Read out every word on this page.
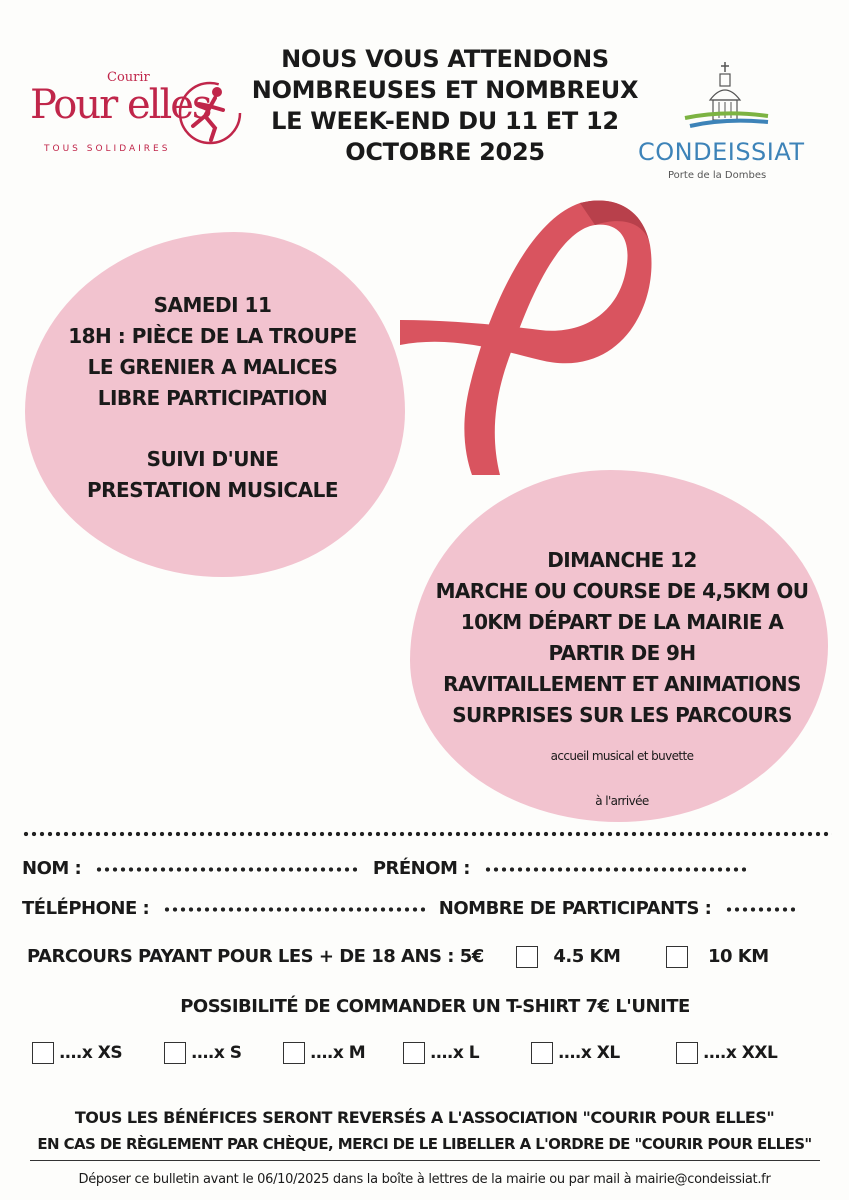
Courir
Pour elles
TOUS SOLIDAIRES
NOUS VOUS ATTENDONS
NOMBREUSES ET NOMBREUX
LE WEEK-END DU 11 ET 12
OCTOBRE 2025	CONDEISSIAT
Porte de la Dombes
SAMEDI 11
18H : PIÈCE DE LA TROUPE
LE GRENIER A MALICES
LIBRE PARTICIPATION
SUIVI D'UNE
PRESTATION MUSICALE
DIMANCHE 12
MARCHE OU COURSE DE 4,5KM OU
10KM DÉPART DE LA MAIRIE A
PARTIR DE 9H
RAVITAILLEMENT ET ANIMATIONS
SURPRISES SUR LES PARCOURS
accueil musical et buvette
à l'arrivée
NOM :	PRÉNOM :
TÉLÉPHONE :	NOMBRE DE PARTICIPANTS :
PARCOURS PAYANT POUR LES + DE 18 ANS : 5€	4.5 KM	10 KM
POSSIBILITÉ DE COMMANDER UN T-SHIRT 7€ L'UNITE
….x XS	….x S	….x M	….x L	….x XL	….x XXL
TOUS LES BÉNÉFICES SERONT REVERSÉS A L'ASSOCIATION "COURIR POUR ELLES"
EN CAS DE RÈGLEMENT PAR CHÈQUE, MERCI DE LE LIBELLER A L'ORDRE DE "COURIR POUR ELLES"
Déposer ce bulletin avant le 06/10/2025 dans la boîte à lettres de la mairie ou par mail à mairie@condeissiat.fr
